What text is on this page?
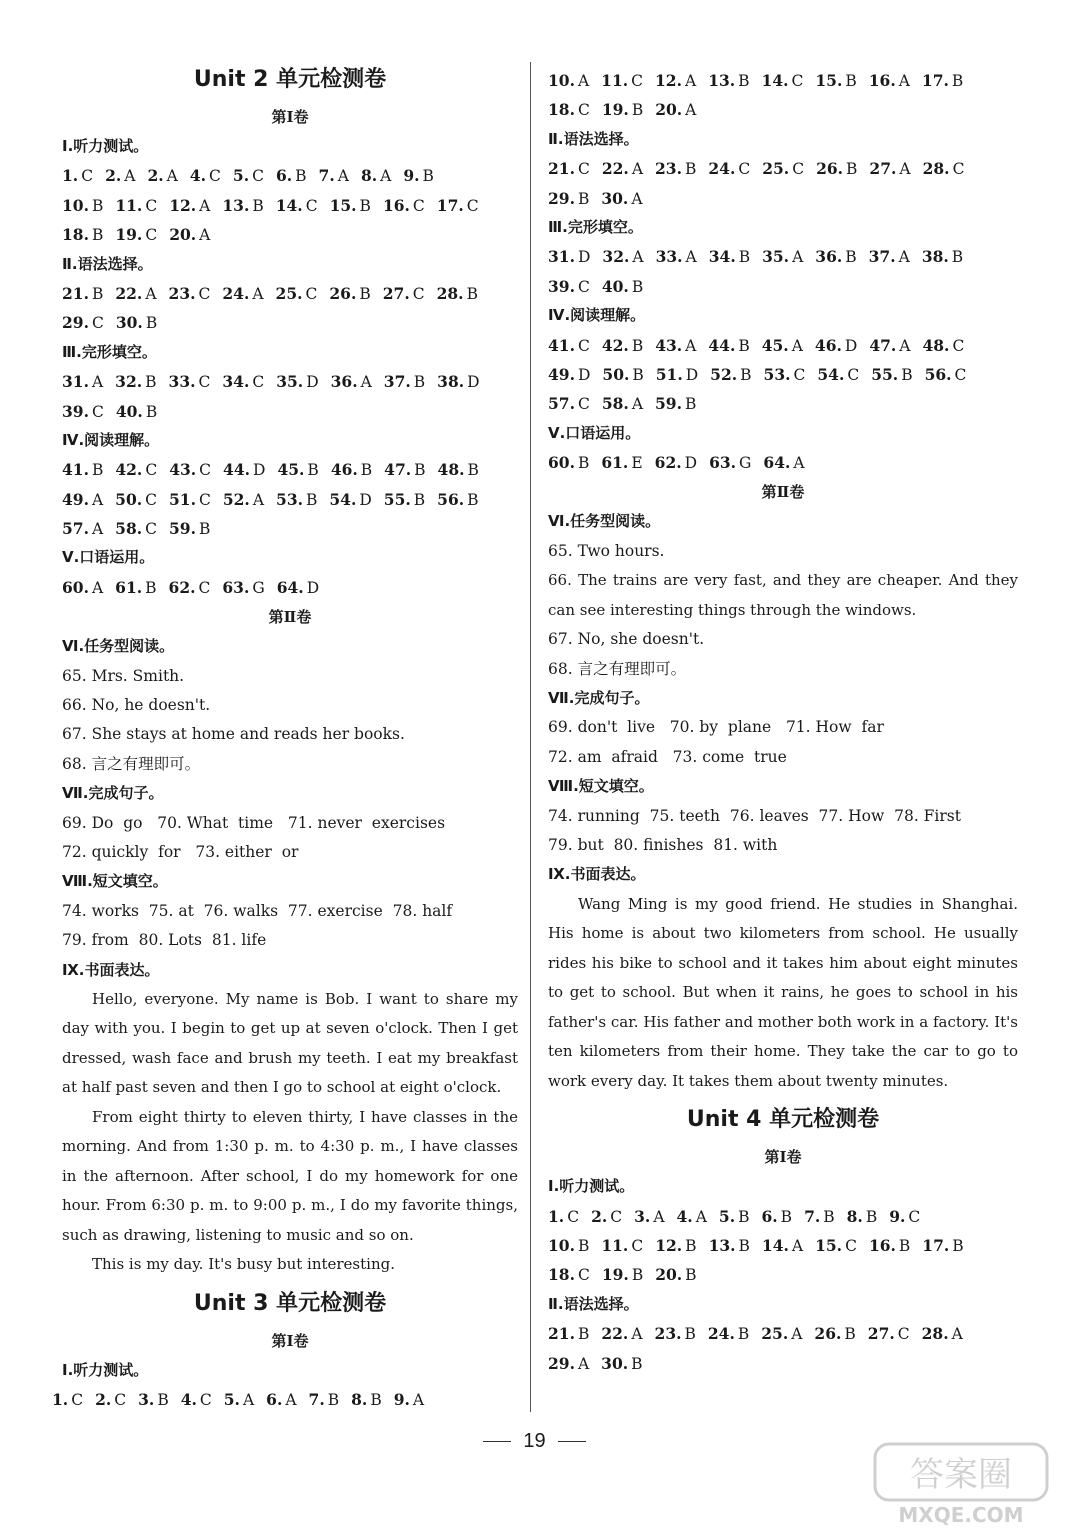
Unit 2 单元检测卷
第Ⅰ卷
Ⅰ.听力测试。
1. C 2. A 2. A 4. C 5. C 6. B 7. A 8. A 9. B
10. B 11. C 12. A 13. B 14. C 15. B 16. C 17. C
18. B 19. C 20. A
Ⅱ.语法选择。
21. B 22. A 23. C 24. A 25. C 26. B 27. C 28. B
29. C 30. B
Ⅲ.完形填空。
31. A 32. B 33. C 34. C 35. D 36. A 37. B 38. D
39. C 40. B
Ⅳ.阅读理解。
41. B 42. C 43. C 44. D 45. B 46. B 47. B 48. B
49. A 50. C 51. C 52. A 53. B 54. D 55. B 56. B
57. A 58. C 59. B
Ⅴ.口语运用。
60. A 61. B 62. C 63. G 64. D
第Ⅱ卷
Ⅵ.任务型阅读。
65. Mrs. Smith.
66. No, he doesn't.
67. She stays at home and reads her books.
68. 言之有理即可。
Ⅶ.完成句子。
69. Do  go   70. What  time   71. never  exercises
72. quickly  for   73. either  or
Ⅷ.短文填空。
74. works  75. at  76. walks  77. exercise  78. half
79. from  80. Lots  81. life
Ⅸ.书面表达。

Hello, everyone. My name is Bob. I want to share my day with you. I begin to get up at seven o'clock. Then I get dressed, wash face and brush my teeth. I eat my breakfast at half past seven and then I go to school at eight o'clock.

From eight thirty to eleven thirty, I have classes in the morning. And from 1:30 p. m. to 4:30 p. m., I have classes in the afternoon. After school, I do my homework for one hour. From 6:30 p. m. to 9:00 p. m., I do my favorite things, such as drawing, listening to music and so on.

This is my day. It's busy but interesting.

Unit 3 单元检测卷
第Ⅰ卷
Ⅰ.听力测试。
1. C 2. C 3. B 4. C 5. A 6. A 7. B 8. B 9. A
10. A 11. C 12. A 13. B 14. C 15. B 16. A 17. B
18. C 19. B 20. A
Ⅱ.语法选择。
21. C 22. A 23. B 24. C 25. C 26. B 27. A 28. C
29. B 30. A
Ⅲ.完形填空。
31. D 32. A 33. A 34. B 35. A 36. B 37. A 38. B
39. C 40. B
Ⅳ.阅读理解。
41. C 42. B 43. A 44. B 45. A 46. D 47. A 48. C
49. D 50. B 51. D 52. B 53. C 54. C 55. B 56. C
57. C 58. A 59. B
Ⅴ.口语运用。
60. B 61. E 62. D 63. G 64. A
第Ⅱ卷
Ⅵ.任务型阅读。
65. Two hours.

66. The trains are very fast, and they are cheaper. And they can see interesting things through the windows.

67. No, she doesn't.
68. 言之有理即可。
Ⅶ.完成句子。
69. don't  live   70. by  plane   71. How  far
72. am  afraid   73. come  true
Ⅷ.短文填空。
74. running  75. teeth  76. leaves  77. How  78. First
79. but  80. finishes  81. with
Ⅸ.书面表达。

Wang Ming is my good friend. He studies in Shanghai. His home is about two kilometers from school. He usually rides his bike to school and it takes him about eight minutes to get to school. But when it rains, he goes to school in his father's car. His father and mother both work in a factory. It's ten kilometers from their home. They take the car to go to work every day. It takes them about twenty minutes.

Unit 4 单元检测卷
第Ⅰ卷
Ⅰ.听力测试。
1. C 2. C 3. A 4. A 5. B 6. B 7. B 8. B 9. C
10. B 11. C 12. B 13. B 14. A 15. C 16. B 17. B
18. C 19. B 20. B
Ⅱ.语法选择。
21. B 22. A 23. B 24. B 25. A 26. B 27. C 28. A
29. A 30. B
19
答案圈
MXQE.COM
